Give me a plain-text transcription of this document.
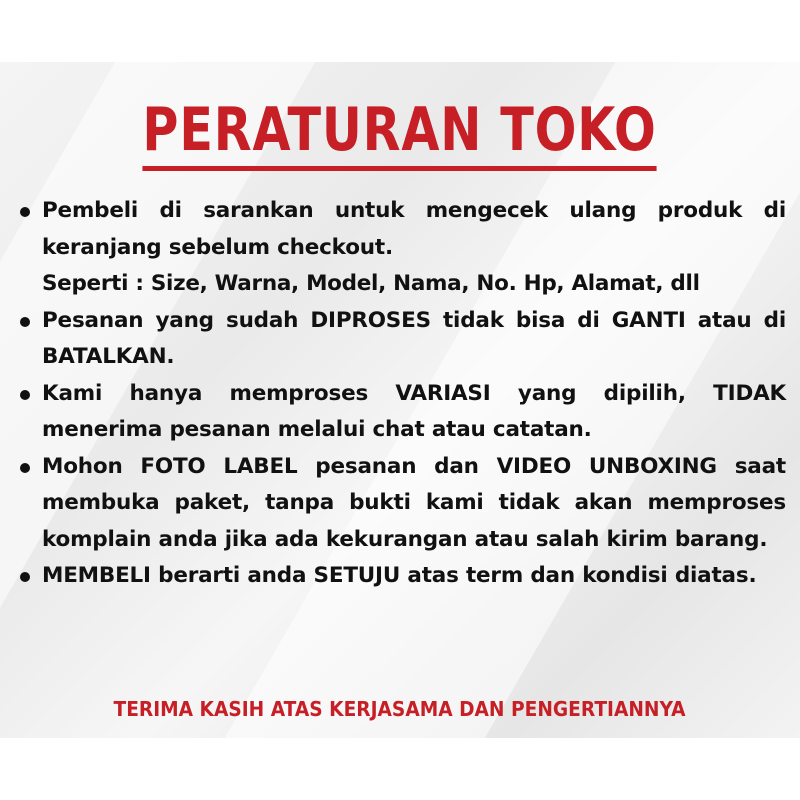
PERATURAN TOKO
Pembeli di sarankan untuk mengecek ulang produk di keranjang sebelum checkout.
Seperti : Size, Warna, Model, Nama, No. Hp, Alamat, dll
Pesanan yang sudah DIPROSES tidak bisa di GANTI atau di BATALKAN.
Kami hanya memproses VARIASI yang dipilih, TIDAK menerima pesanan melalui chat atau catatan.
Mohon FOTO LABEL pesanan dan VIDEO UNBOXING saat membuka paket, tanpa bukti kami tidak akan memproses komplain anda jika ada kekurangan atau salah kirim barang.
MEMBELI berarti anda SETUJU atas term dan kondisi diatas.
TERIMA KASIH ATAS KERJASAMA DAN PENGERTIANNYA
